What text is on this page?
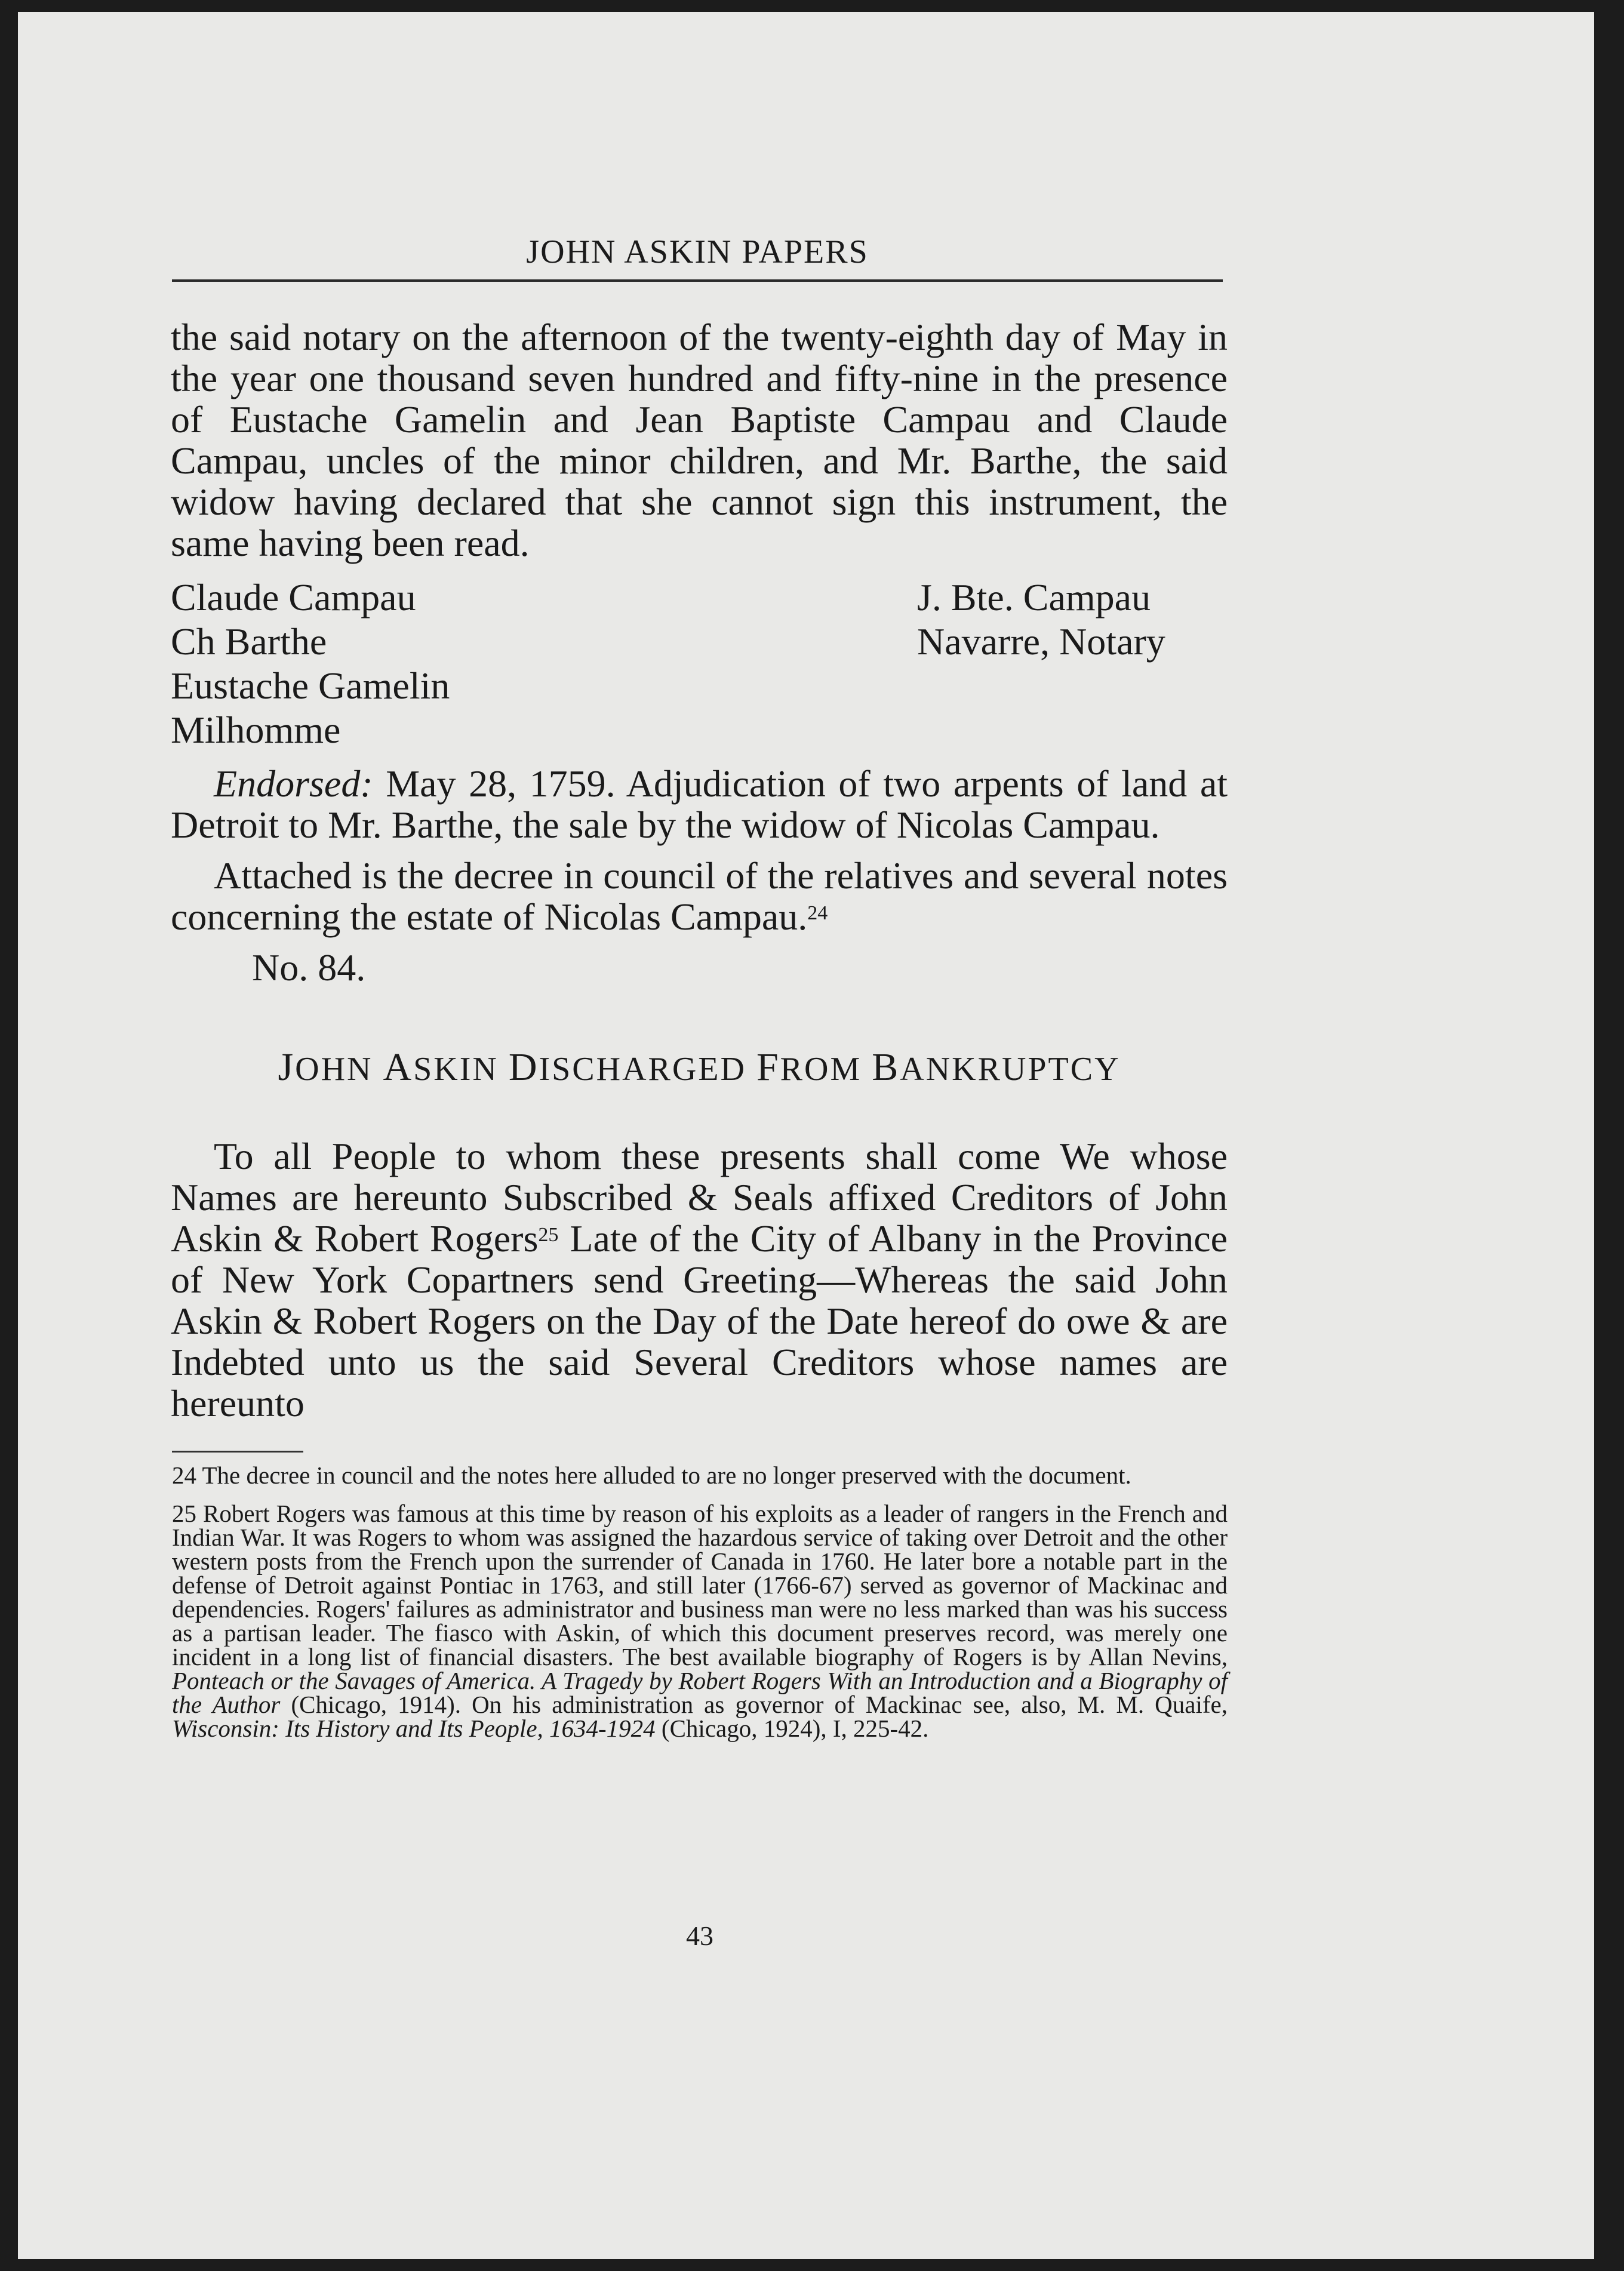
JOHN ASKIN PAPERS

the said notary on the afternoon of the twenty-eighth day of May in the year one thousand seven hundred and fifty-nine in the presence of Eustache Gamelin and Jean Baptiste Campau and Claude Campau, uncles of the minor children, and Mr. Barthe, the said widow having declared that she cannot sign this instrument, the same having been read.

Claude Campau
Ch Barthe
Eustache Gamelin
Milhomme
J. Bte. Campau
Navarre, Notary

Endorsed: May 28, 1759. Adjudication of two arpents of land at Detroit to Mr. Barthe, the sale by the widow of Nicolas Campau.

Attached is the decree in council of the relatives and several notes concerning the estate of Nicolas Campau.$^{24}$

No. 84.

JOHN ASKIN DISCHARGED FROM BANKRUPTCY

To all People to whom these presents shall come We whose Names are hereunto Subscribed & Seals affixed Creditors of John Askin & Robert Rogers$^{25}$ Late of the City of Albany in the Province of New York Copartners send Greeting—Whereas the said John Askin & Robert Rogers on the Day of the Date hereof do owe & are Indebted unto us the said Several Creditors whose names are hereunto

24 The decree in council and the notes here alluded to are no longer preserved with the document.

25 Robert Rogers was famous at this time by reason of his exploits as a leader of rangers in the French and Indian War. It was Rogers to whom was assigned the hazardous service of taking over Detroit and the other western posts from the French upon the surrender of Canada in 1760. He later bore a notable part in the defense of Detroit against Pontiac in 1763, and still later (1766-67) served as governor of Mackinac and dependencies. Rogers' failures as administrator and business man were no less marked than was his success as a partisan leader. The fiasco with Askin, of which this document preserves record, was merely one incident in a long list of financial disasters. The best available biography of Rogers is by Allan Nevins, Ponteach or the Savages of America. A Tragedy by Robert Rogers With an Introduction and a Biography of the Author (Chicago, 1914). On his administration as governor of Mackinac see, also, M. M. Quaife, Wisconsin: Its History and Its People, 1634-1924 (Chicago, 1924), I, 225-42.

43
